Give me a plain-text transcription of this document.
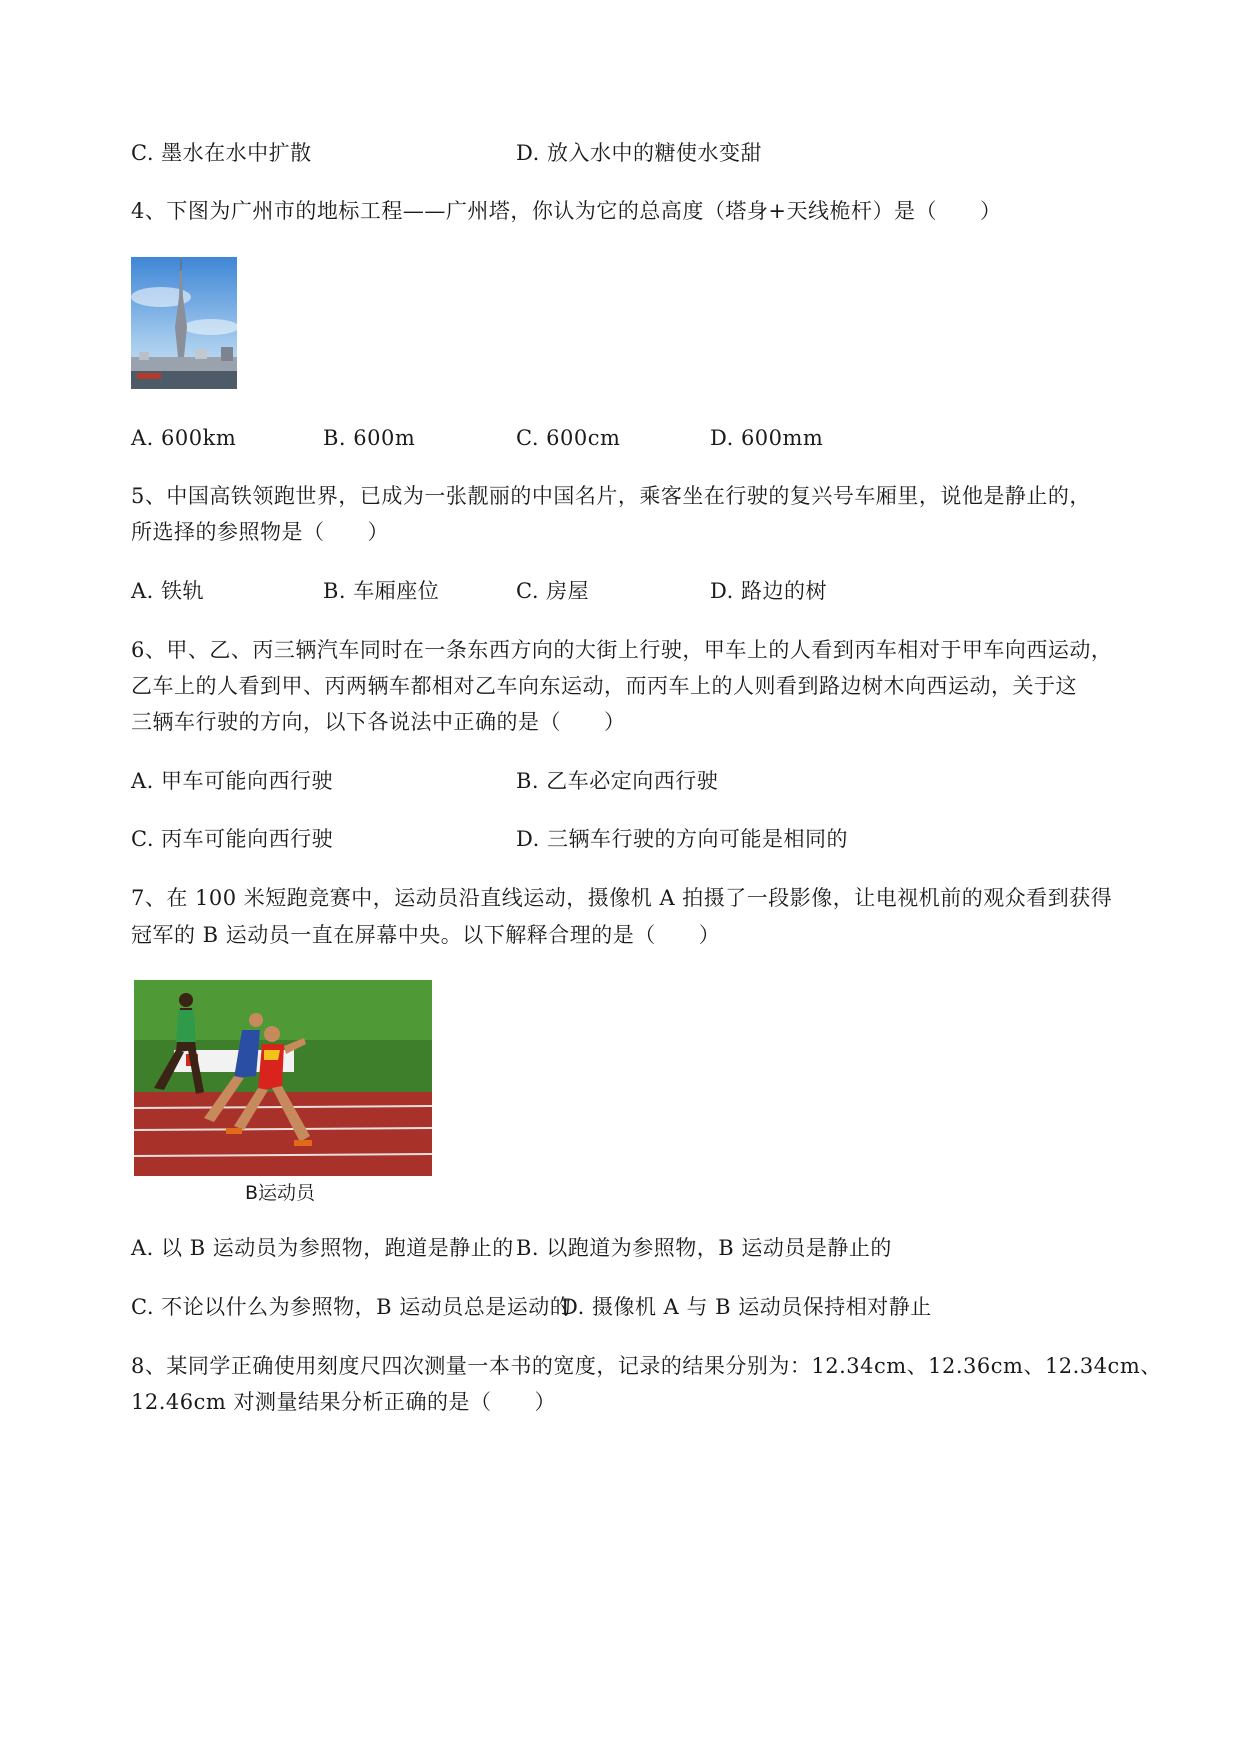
C. 墨水在水中扩散	D. 放入水中的糖使水变甜
4、下图为广州市的地标工程——广州塔，你认为它的总高度（塔身+天线桅杆）是（　　）
A. 600km	B. 600m	C. 600cm	D. 600mm
5、中国高铁领跑世界，已成为一张靓丽的中国名片，乘客坐在行驶的复兴号车厢里，说他是静止的，
所选择的参照物是（　　）
A. 铁轨	B. 车厢座位	C. 房屋	D. 路边的树
6、甲、乙、丙三辆汽车同时在一条东西方向的大街上行驶，甲车上的人看到丙车相对于甲车向西运动，
乙车上的人看到甲、丙两辆车都相对乙车向东运动，而丙车上的人则看到路边树木向西运动，关于这
三辆车行驶的方向，以下各说法中正确的是（　　）
A. 甲车可能向西行驶	B. 乙车必定向西行驶
C. 丙车可能向西行驶	D. 三辆车行驶的方向可能是相同的
7、在 100 米短跑竞赛中，运动员沿直线运动，摄像机 A 拍摄了一段影像，让电视机前的观众看到获得
冠军的 B 运动员一直在屏幕中央。以下解释合理的是（　　）
B运动员
A. 以 B 运动员为参照物，跑道是静止的 B. 以跑道为参照物，B 运动员是静止的
C. 不论以什么为参照物，B 运动员总是运动的
D. 摄像机 A 与 B 运动员保持相对静止
8、某同学正确使用刻度尺四次测量一本书的宽度，记录的结果分别为：12.34cm、12.36cm、12.34cm、
12.46cm 对测量结果分析正确的是（　　）
